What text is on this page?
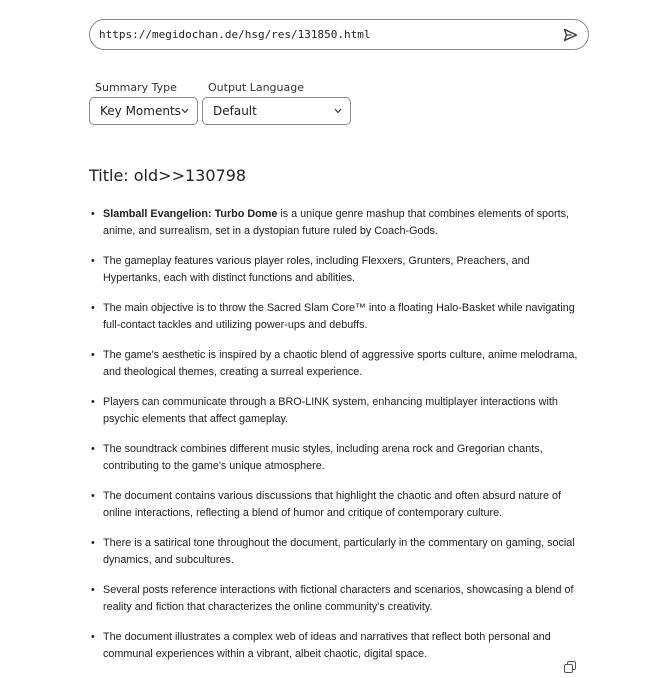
https://megidochan.de/hsg/res/131850.html
Summary Type	Output Language
Key Moments	Default
Title: old>>130798
• Slamball Evangelion: Turbo Dome is a unique genre mashup that combines elements of sports, anime, and surrealism, set in a dystopian future ruled by Coach-Gods.
• The gameplay features various player roles, including Flexxers, Grunters, Preachers, and Hypertanks, each with distinct functions and abilities.
• The main objective is to throw the Sacred Slam Core™ into a floating Halo-Basket while navigating full-contact tackles and utilizing power-ups and debuffs.
• The game's aesthetic is inspired by a chaotic blend of aggressive sports culture, anime melodrama, and theological themes, creating a surreal experience.
• Players can communicate through a BRO-LINK system, enhancing multiplayer interactions with psychic elements that affect gameplay.
• The soundtrack combines different music styles, including arena rock and Gregorian chants, contributing to the game's unique atmosphere.
• The document contains various discussions that highlight the chaotic and often absurd nature of online interactions, reflecting a blend of humor and critique of contemporary culture.
• There is a satirical tone throughout the document, particularly in the commentary on gaming, social dynamics, and subcultures.
• Several posts reference interactions with fictional characters and scenarios, showcasing a blend of reality and fiction that characterizes the online community's creativity.
• The document illustrates a complex web of ideas and narratives that reflect both personal and communal experiences within a vibrant, albeit chaotic, digital space.
